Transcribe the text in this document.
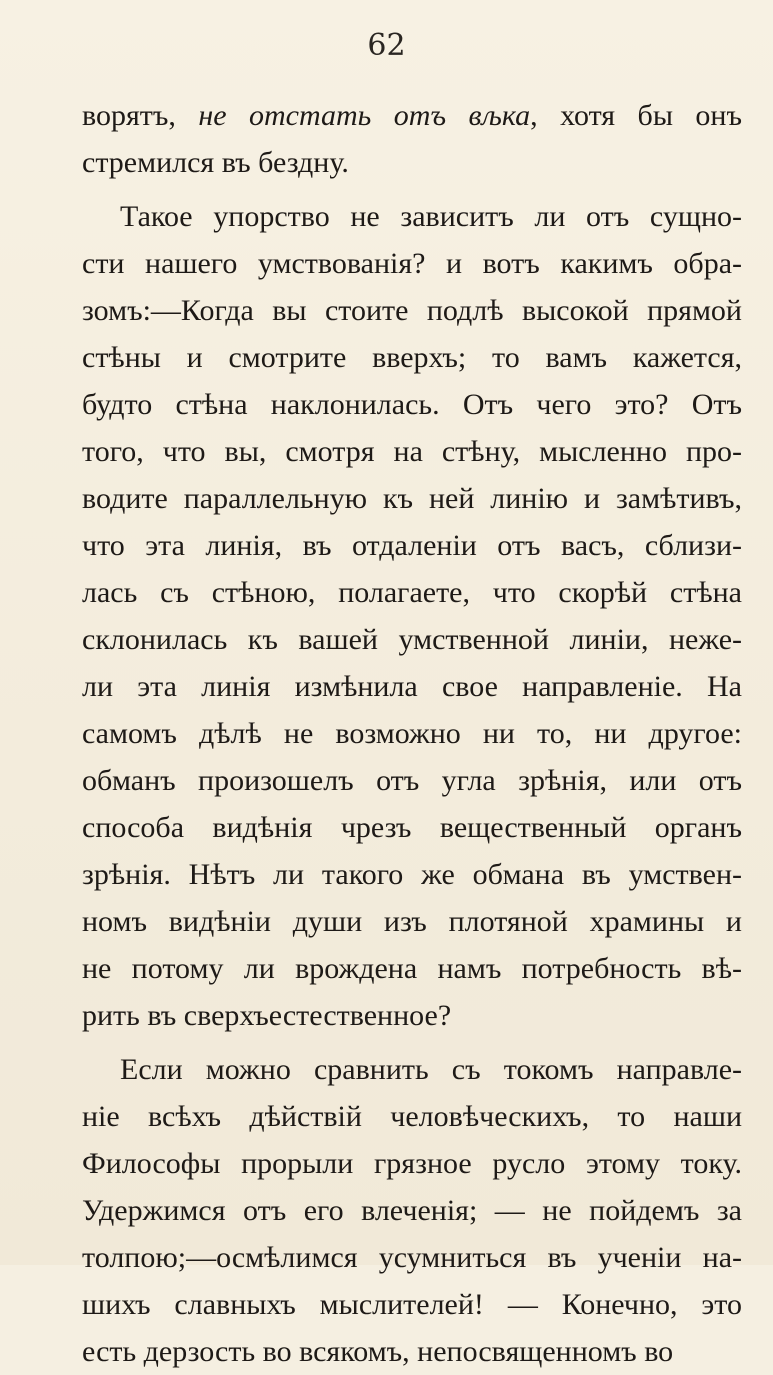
62
ворятъ, не отстать отъ вљка, хотя бы онъ
стремился въ бездну.
Такое упорство не зависитъ ли отъ сущно-
сти нашего умствованія? и вотъ какимъ обра-
зомъ:—Когда вы стоите подлѣ высокой прямой
стѣны и смотрите вверхъ; то вамъ кажется,
будто стѣна наклонилась. Отъ чего это? Отъ
того, что вы, смотря на стѣну, мысленно про-
водите параллельную къ ней линію и замѣтивъ,
что эта линія, въ отдаленіи отъ васъ, сблизи-
лась съ стѣною, полагаете, что скорѣй стѣна
склонилась къ вашей умственной линіи, неже-
ли эта линія измѣнила свое направленіе. На
самомъ дѣлѣ не возможно ни то, ни другое:
обманъ произошелъ отъ угла зрѣнія, или отъ
способа видѣнія чрезъ вещественный органъ
зрѣнія. Нѣтъ ли такого же обмана въ умствен-
номъ видѣніи души изъ плотяной храмины и
не потому ли врождена намъ потребность вѣ-
рить въ сверхъестественное?
Если можно сравнить съ токомъ направле-
ніе всѣхъ дѣйствій человѣческихъ, то наши
Философы прорыли грязное русло этому току.
Удержимся отъ его влеченія; — не пойдемъ за
толпою;—осмѣлимся усумниться въ ученіи на-
шихъ славныхъ мыслителей! — Конечно, это
есть дерзость во всякомъ, непосвященномъ во
